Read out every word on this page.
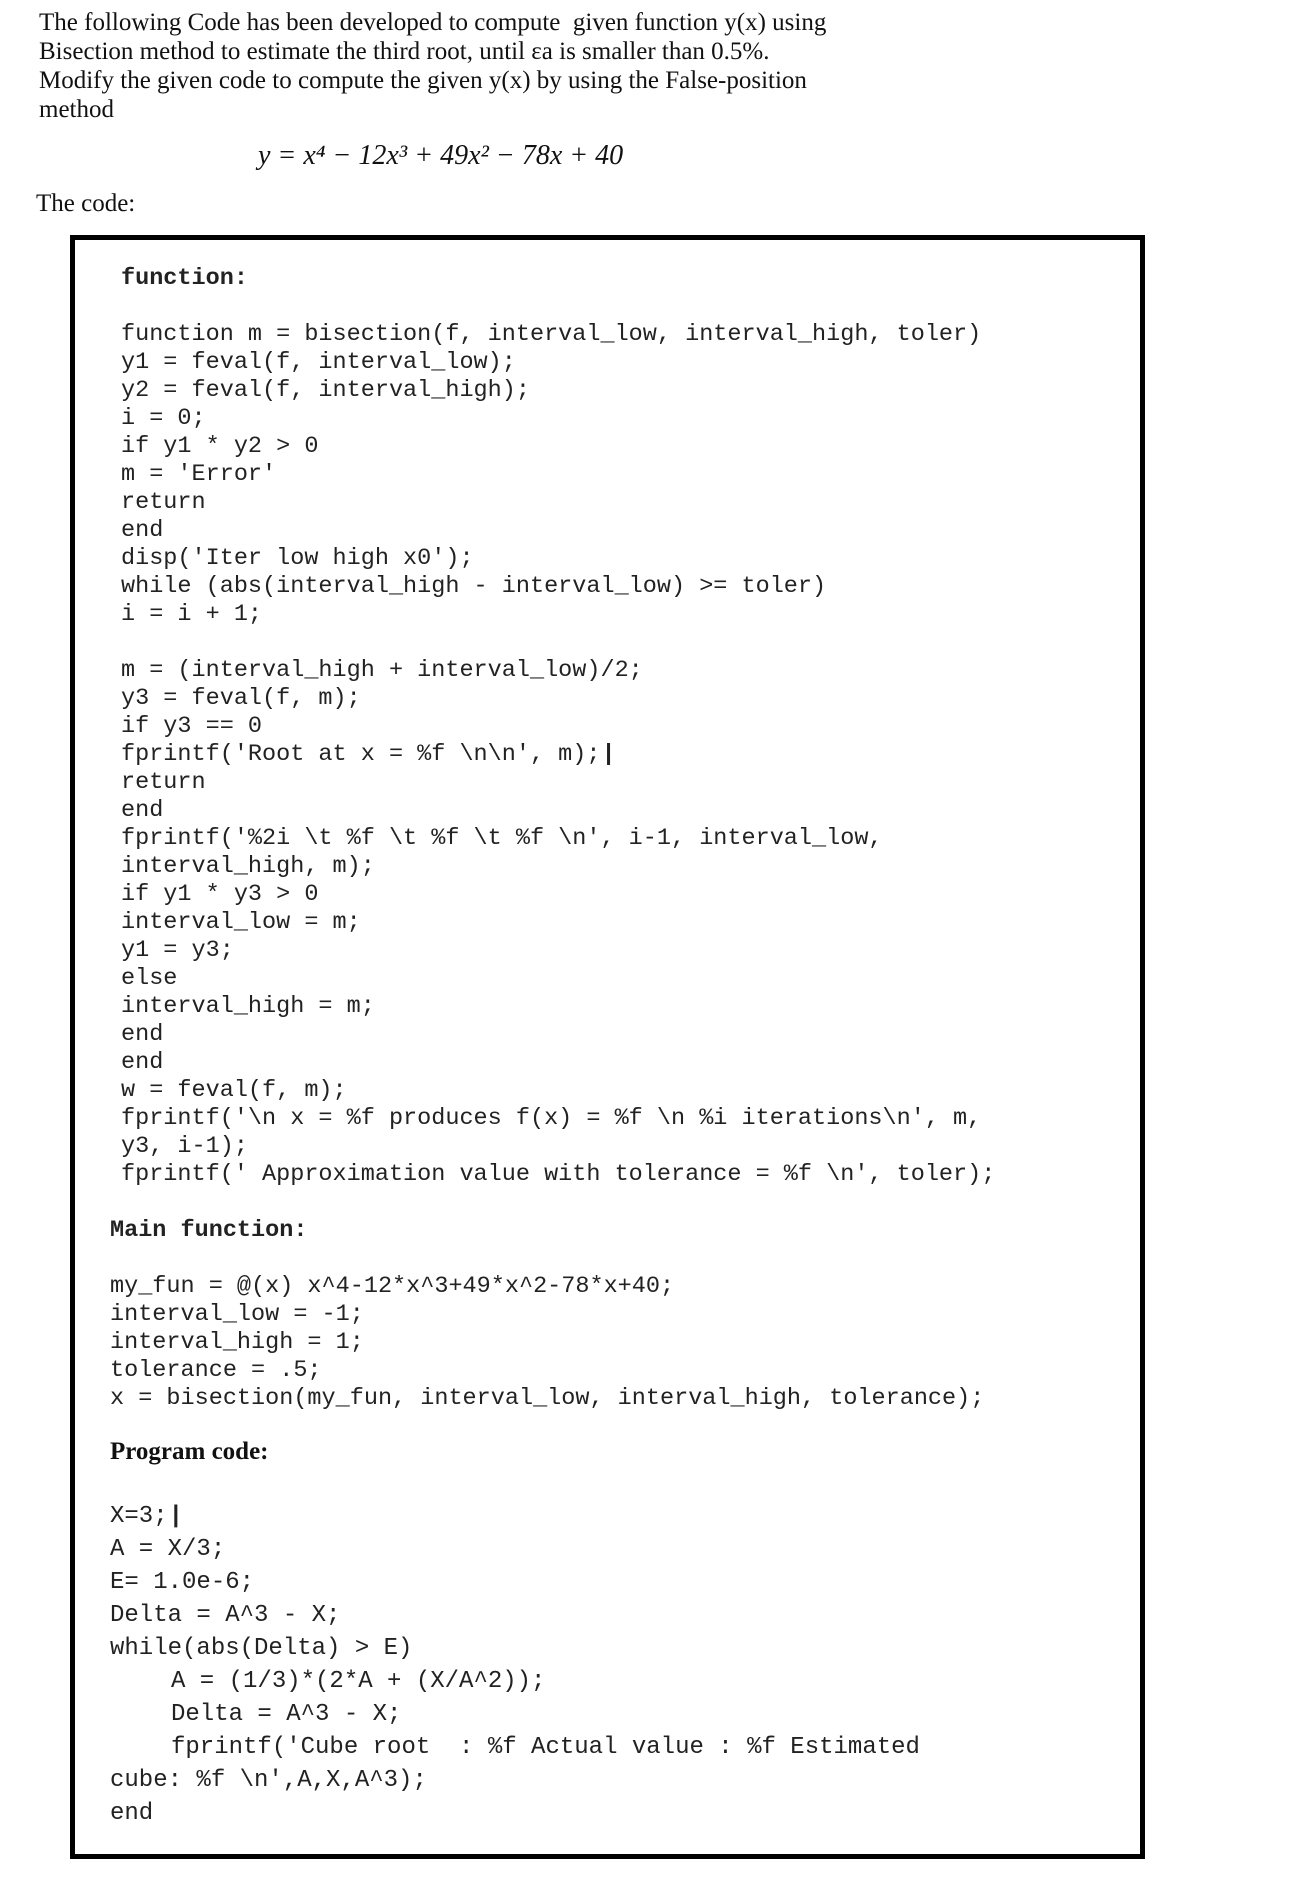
The following Code has been developed to compute  given function y(x) using
Bisection method to estimate the third root, until εa is smaller than 0.5%.
Modify the given code to compute the given y(x) by using the False-position
method
y = x⁴ − 12x³ + 49x² − 78x + 40
The code:
function:
function m = bisection(f, interval_low, interval_high, toler)
y1 = feval(f, interval_low);
y2 = feval(f, interval_high);
i = 0;
if y1 * y2 > 0
m = 'Error'
return
end
disp('Iter low high x0');
while (abs(interval_high - interval_low) >= toler)
i = i + 1;
m = (interval_high + interval_low)/2;
y3 = feval(f, m);
if y3 == 0
fprintf('Root at x = %f \n\n', m); |
return
end
fprintf('%2i \t %f \t %f \t %f \n', i-1, interval_low,
interval_high, m);
if y1 * y3 > 0
interval_low = m;
y1 = y3;
else
interval_high = m;
end
end
w = feval(f, m);
fprintf('\n x = %f produces f(x) = %f \n %i iterations\n', m,
y3, i-1);
fprintf(' Approximation value with tolerance = %f \n', toler);
Main function:
my_fun = @(x) x^4-12*x^3+49*x^2-78*x+40;
interval_low = -1;
interval_high = 1;
tolerance = .5;
x = bisection(my_fun, interval_low, interval_high, tolerance);
Program code:
X=3; |
A = X/3;
E= 1.0e-6;
Delta = A^3 - X;
while(abs(Delta) > E)
A = (1/3)*(2*A + (X/A^2));
Delta = A^3 - X;
fprintf('Cube root  : %f Actual value : %f Estimated
cube: %f \n',A,X,A^3);
end
